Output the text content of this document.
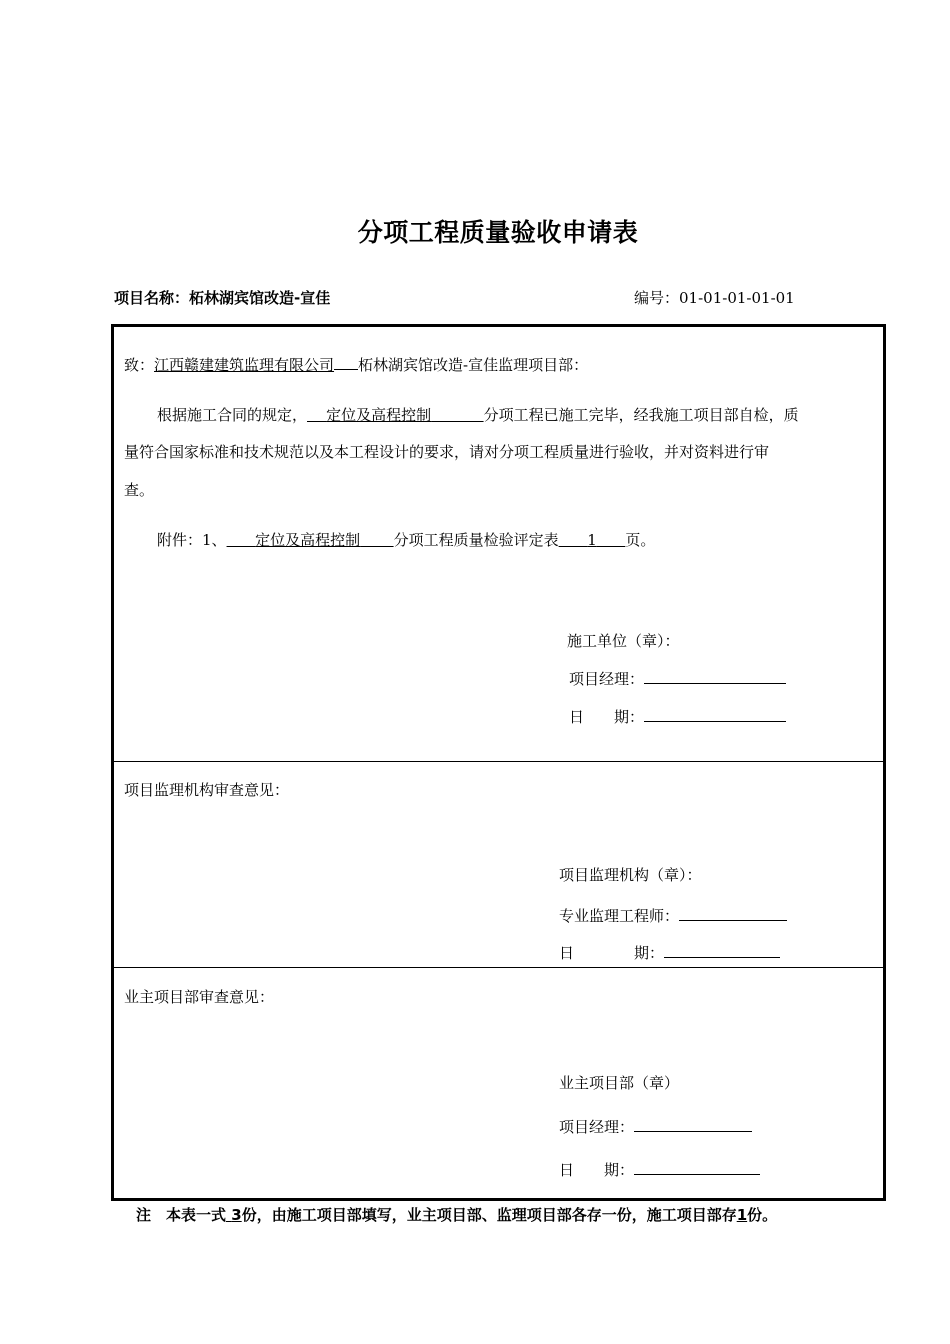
分项工程质量验收申请表
项目名称：柘林湖宾馆改造-宣佳	编号：01-01-01-01-01
致：江西赣建建筑监理有限公司 柘林湖宾馆改造-宣佳监理项目部：
根据施工合同的规定， 定位及高程控制	分项工程已施工完毕，经我施工项目部自检，质
量符合国家标准和技术规范以及本工程设计的要求，请对分项工程质量进行验收，并对资料进行审
查。
附件：1、 定位及高程控制 分项工程质量检验评定表 1 页。
施工单位（章）：
项目经理：
日　　期：
项目监理机构审查意见：
项目监理机构（章）：
专业监理工程师：
日　　　　期：
业主项目部审查意见：
业主项目部（章）
项目经理：
日　　期：
注　本表一式 3份，由施工项目部填写，业主项目部、监理项目部各存一份，施工项目部存1份。
